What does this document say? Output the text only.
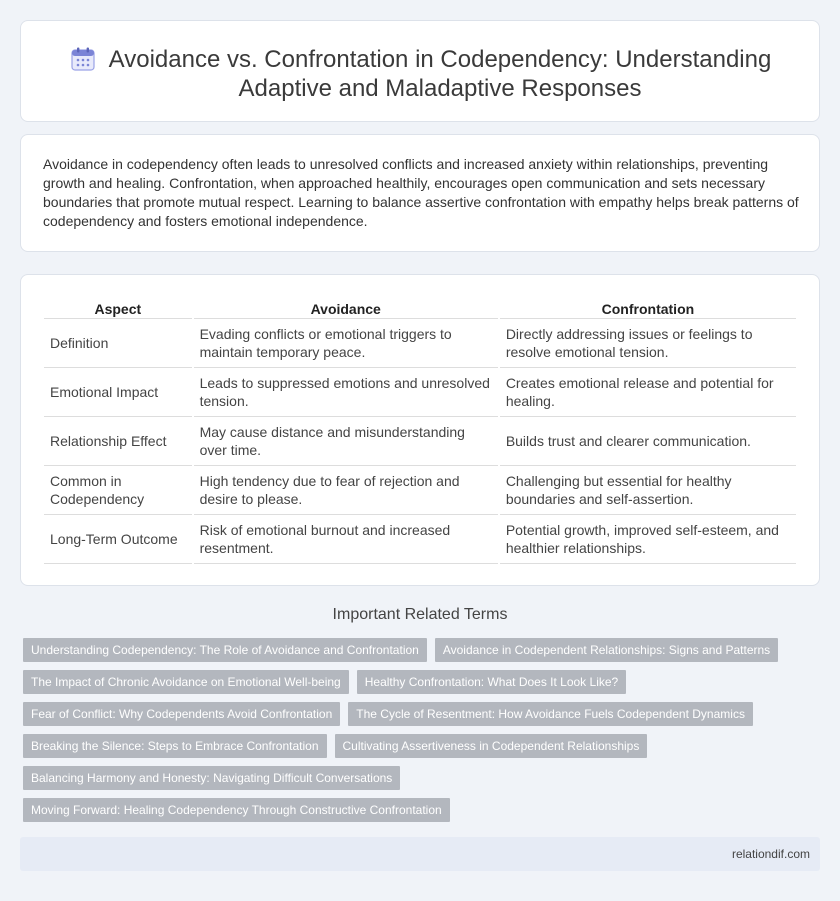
Avoidance vs. Confrontation in Codependency: Understanding Adaptive and Maladaptive Responses

Avoidance in codependency often leads to unresolved conflicts and increased anxiety within relationships, preventing growth and healing. Confrontation, when approached healthily, encourages open communication and sets necessary boundaries that promote mutual respect. Learning to balance assertive confrontation with empathy helps break patterns of codependency and fosters emotional independence.

Aspect	Avoidance	Confrontation
Definition	Evading conflicts or emotional triggers to maintain temporary peace.	Directly addressing issues or feelings to resolve emotional tension.
Emotional Impact	Leads to suppressed emotions and unresolved tension.	Creates emotional release and potential for healing.
Relationship Effect	May cause distance and misunderstanding over time.	Builds trust and clearer communication.
Common in Codependency	High tendency due to fear of rejection and desire to please.	Challenging but essential for healthy boundaries and self-assertion.
Long-Term Outcome	Risk of emotional burnout and increased resentment.	Potential growth, improved self-esteem, and healthier relationships.
Important Related Terms
Understanding Codependency: The Role of Avoidance and Confrontation Avoidance in Codependent Relationships: Signs and Patterns
The Impact of Chronic Avoidance on Emotional Well-being Healthy Confrontation: What Does It Look Like?
Fear of Conflict: Why Codependents Avoid Confrontation The Cycle of Resentment: How Avoidance Fuels Codependent Dynamics
Breaking the Silence: Steps to Embrace Confrontation Cultivating Assertiveness in Codependent Relationships
Balancing Harmony and Honesty: Navigating Difficult Conversations
Moving Forward: Healing Codependency Through Constructive Confrontation
relationdif.com
